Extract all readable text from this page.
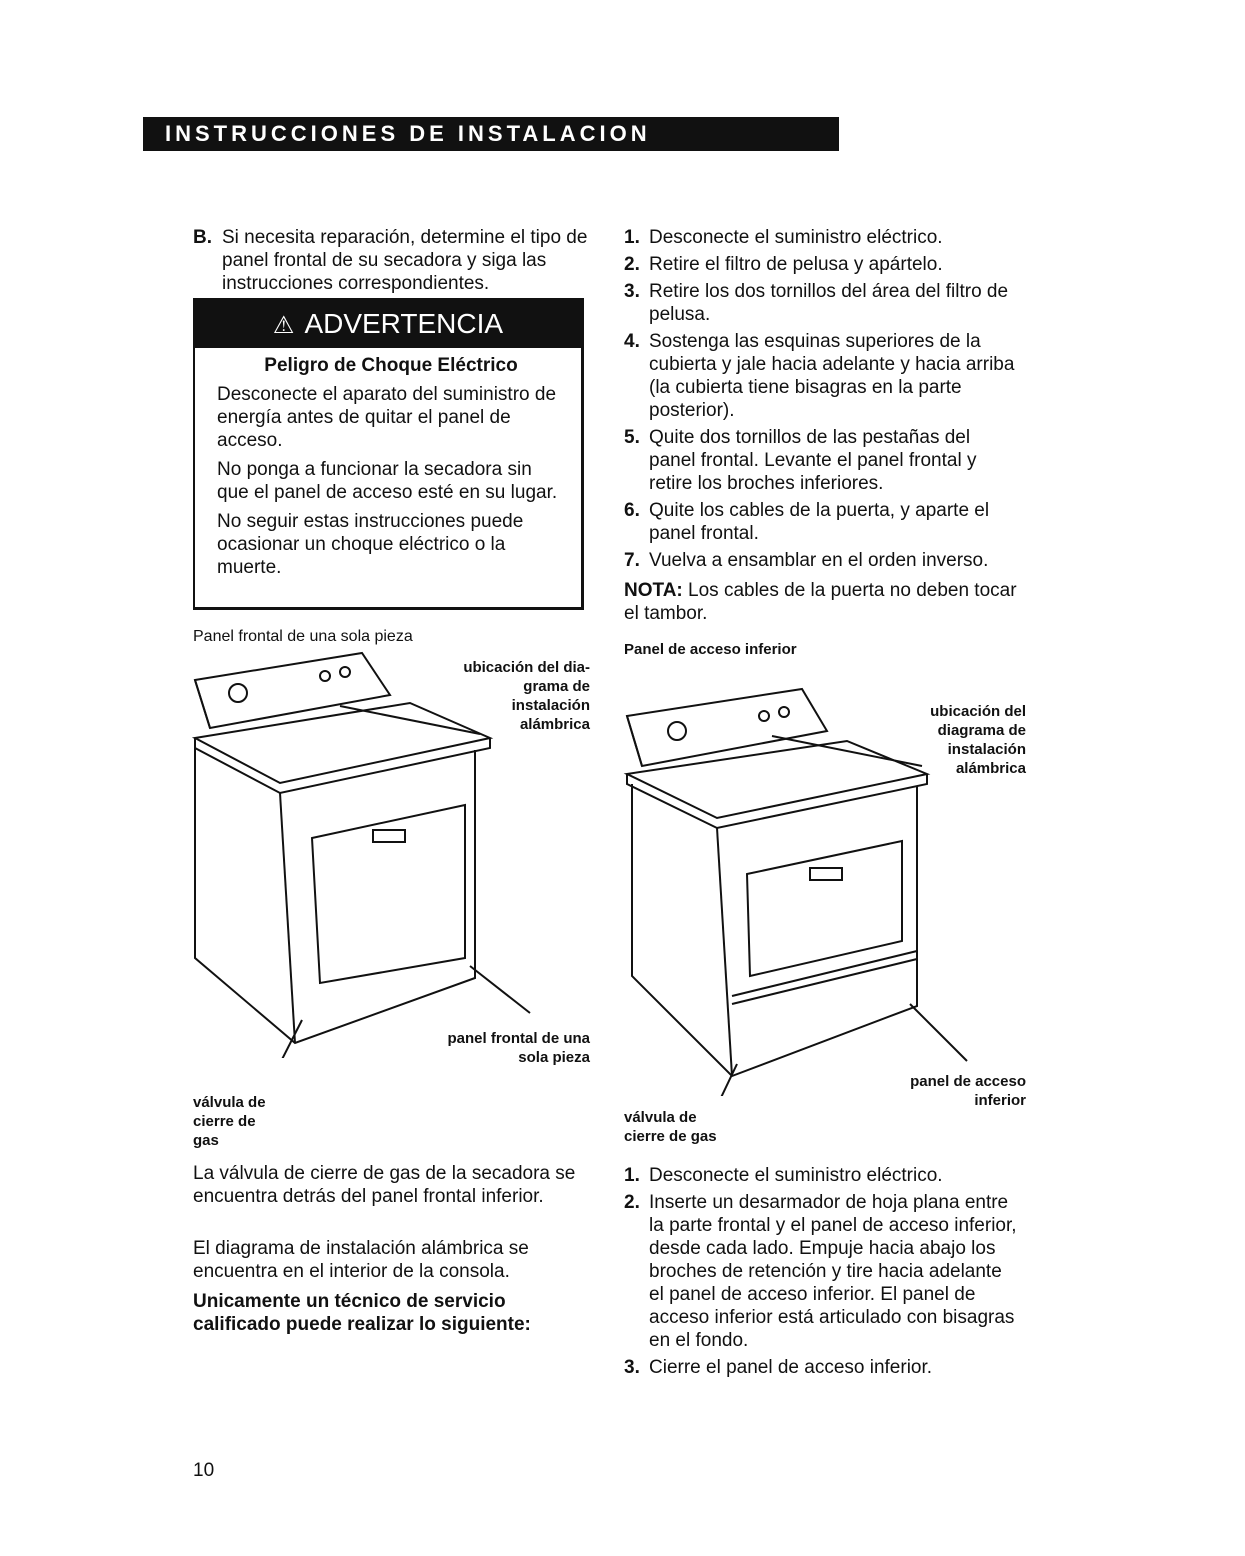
INSTRUCCIONES DE INSTALACION
B. Si necesita reparación, determine el tipo de panel frontal de su secadora y siga las instrucciones correspondientes.
⚠ ADVERTENCIA

Peligro de Choque Eléctrico

Desconecte el aparato del suministro de energía antes de quitar el panel de acceso.

No ponga a funcionar la secadora sin que el panel de acceso esté en su lugar.

No seguir estas instrucciones puede ocasionar un choque eléctrico o la muerte.

Panel frontal de una sola pieza
ubicación del dia-
grama de
instalación
alámbrica
panel frontal de una
sola pieza
válvula de
cierre de
gas
La válvula de cierre de gas de la secadora se encuentra detrás del panel frontal inferior.
El diagrama de instalación alámbrica se encuentra en el interior de la consola.
Unicamente un técnico de servicio calificado puede realizar lo siguiente:
10
1. Desconecte el suministro eléctrico.
2. Retire el filtro de pelusa y apártelo.
3. Retire los dos tornillos del área del filtro de pelusa.
4. Sostenga las esquinas superiores de la cubierta y jale hacia adelante y hacia arriba (la cubierta tiene bisagras en la parte posterior).
5. Quite dos tornillos de las pestañas del panel frontal. Levante el panel frontal y retire los broches inferiores.
6. Quite los cables de la puerta, y aparte el panel frontal.
7. Vuelva a ensamblar en el orden inverso.
NOTA: Los cables de la puerta no deben tocar el tambor.
Panel de acceso inferior
ubicación del
diagrama de
instalación
alámbrica
panel de acceso
inferior
válvula de
cierre de gas
1. Desconecte el suministro eléctrico.
2. Inserte un desarmador de hoja plana entre la parte frontal y el panel de acceso inferior, desde cada lado. Empuje hacia abajo los broches de retención y tire hacia adelante el panel de acceso inferior. El panel de acceso inferior está articulado con bisagras en el fondo.
3. Cierre el panel de acceso inferior.
